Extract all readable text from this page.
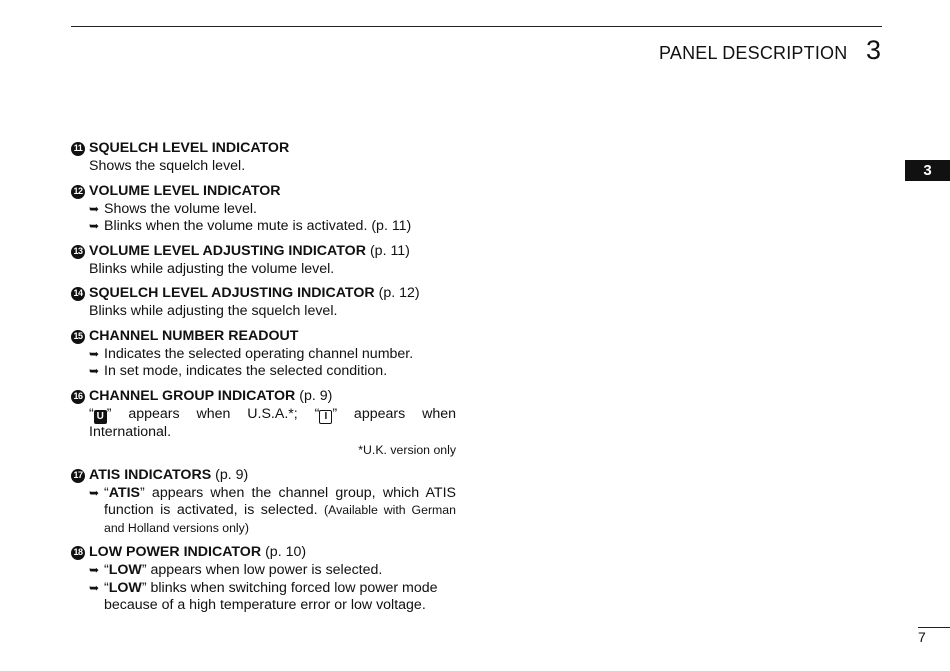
PANEL DESCRIPTION 3
3
11 SQUELCH LEVEL INDICATOR
Shows the squelch level.
12 VOLUME LEVEL INDICATOR
➥ Shows the volume level.
➥ Blinks when the volume mute is activated. (p. 11)
13 VOLUME LEVEL ADJUSTING INDICATOR (p. 11)
Blinks while adjusting the volume level.
14 SQUELCH LEVEL ADJUSTING INDICATOR (p. 12)
Blinks while adjusting the squelch level.
15 CHANNEL NUMBER READOUT
➥ Indicates the selected operating channel number.
➥ In set mode, indicates the selected condition.
16 CHANNEL GROUP INDICATOR (p. 9)
“ U ” appears when U.S.A.*; “ I ” appears when International.
*U.K. version only
17 ATIS INDICATORS (p. 9)
➥ “ATIS” appears when the channel group, which ATIS function is activated, is selected. (Available with German and Holland versions only)
18 LOW POWER INDICATOR (p. 10)
➥ “LOW” appears when low power is selected.
➥ “LOW” blinks when switching forced low power mode because of a high temperature error or low voltage.
7
